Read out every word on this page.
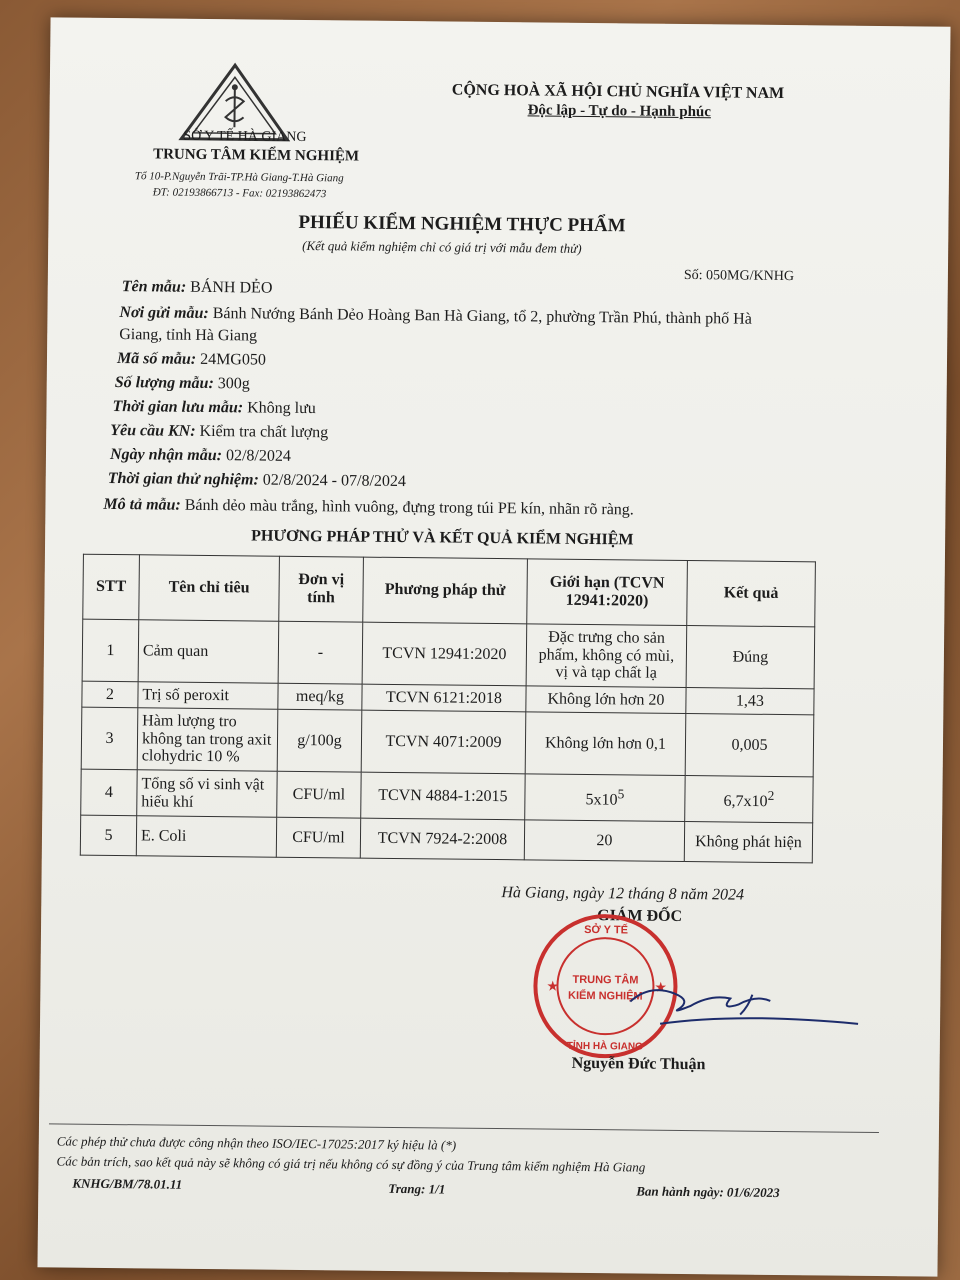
SỞ Y TẾ HÀ GIANG
TRUNG TÂM KIỂM NGHIỆM
Tổ 10-P.Nguyễn Trãi-TP.Hà Giang-T.Hà Giang
ĐT: 02193866713 - Fax: 02193862473
CỘNG HOÀ XÃ HỘI CHỦ NGHĨA VIỆT NAM
Độc lập - Tự do - Hạnh phúc
PHIẾU KIỂM NGHIỆM THỰC PHẨM
(Kết quả kiểm nghiệm chỉ có giá trị với mẫu đem thử)
Số: 050MG/KNHG
Tên mẫu: BÁNH DẺO
Nơi gửi mẫu: Bánh Nướng Bánh Dẻo Hoàng Ban Hà Giang, tổ 2, phường Trần Phú, thành phố Hà
Giang, tỉnh Hà Giang
Mã số mẫu: 24MG050
Số lượng mẫu: 300g
Thời gian lưu mẫu: Không lưu
Yêu cầu KN: Kiểm tra chất lượng
Ngày nhận mẫu: 02/8/2024
Thời gian thử nghiệm: 02/8/2024 - 07/8/2024
Mô tả mẫu: Bánh dẻo màu trắng, hình vuông, đựng trong túi PE kín, nhãn rõ ràng.
PHƯƠNG PHÁP THỬ VÀ KẾT QUẢ KIỂM NGHIỆM
STT	Tên chỉ tiêu	Đơn vị tính	Phương pháp thử	Giới hạn (TCVN 12941:2020)	Kết quả
1	Cảm quan	-	TCVN 12941:2020	Đặc trưng cho sản phẩm, không có mùi, vị và tạp chất lạ	Đúng
2	Trị số peroxit	meq/kg	TCVN 6121:2018	Không lớn hơn 20	1,43
3	Hàm lượng tro không tan trong axit clohydric 10 %	g/100g	TCVN 4071:2009	Không lớn hơn 0,1	0,005
4	Tổng số vi sinh vật hiếu khí	CFU/ml	TCVN 4884-1:2015	$5x10^5$	$6,7x10^2$
5	E. Coli	CFU/ml	TCVN 7924-2:2008	20	Không phát hiện
Hà Giang, ngày 12 tháng 8 năm 2024
GIÁM ĐỐC
SỞ Y TẾ
TRUNG TÂM
KIỂM NGHIỆM
TỈNH HÀ GIANG
★	★
Nguyễn Đức Thuận
Các phép thử chưa được công nhận theo ISO/IEC-17025:2017 ký hiệu là (*)
Các bản trích, sao kết quả này sẽ không có giá trị nếu không có sự đồng ý của Trung tâm kiểm nghiệm Hà Giang
KNHG/BM/78.01.11	Trang: 1/1	Ban hành ngày: 01/6/2023
